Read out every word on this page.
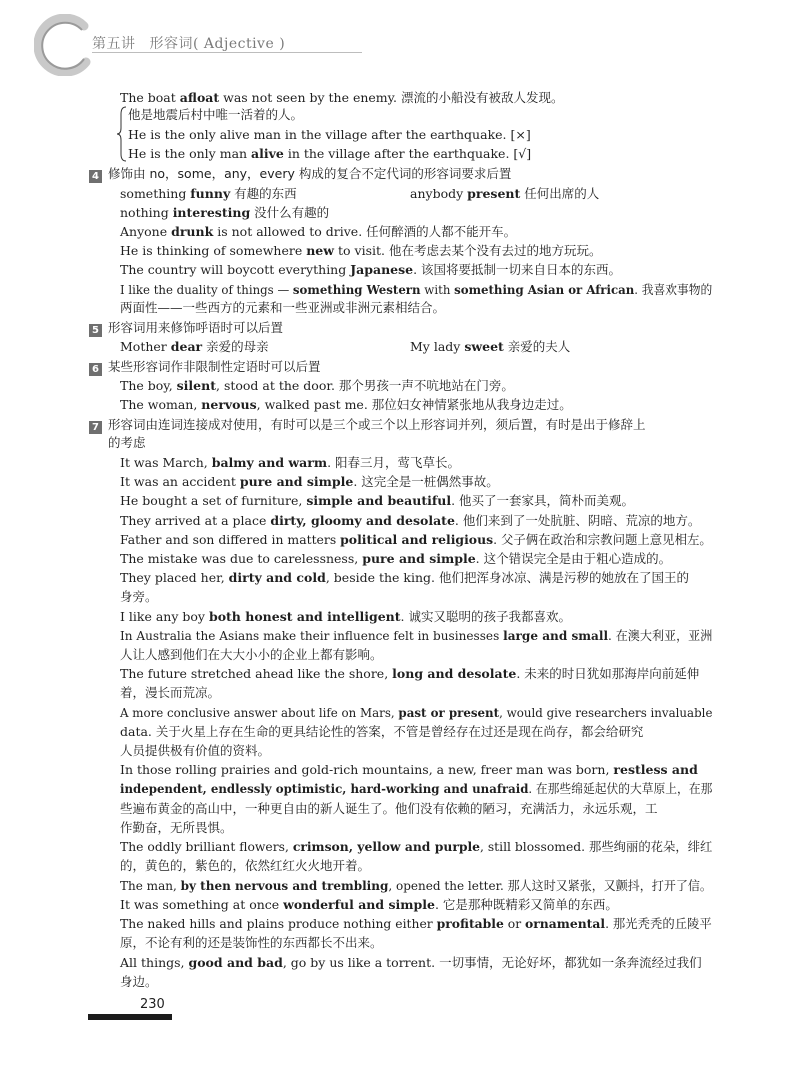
第五讲 形容词( Adjective )
The boat afloat was not seen by the enemy. 漂流的小船没有被敌人发现。
他是地震后村中唯一活着的人。
He is the only alive man in the village after the earthquake. [×]
He is the only man alive in the village after the earthquake. [√]
4 修饰由 no，some，any，every 构成的复合不定代词的形容词要求后置
something funny 有趣的东西	anybody present 任何出席的人
nothing interesting 没什么有趣的
Anyone drunk is not allowed to drive. 任何醉酒的人都不能开车。
He is thinking of somewhere new to visit. 他在考虑去某个没有去过的地方玩玩。
The country will boycott everything Japanese. 该国将要抵制一切来自日本的东西。
I like the duality of things — something Western with something Asian or African. 我喜欢事物的
两面性——一些西方的元素和一些亚洲或非洲元素相结合。
5 形容词用来修饰呼语时可以后置
Mother dear 亲爱的母亲	My lady sweet 亲爱的夫人
6 某些形容词作非限制性定语时可以后置
The boy, silent, stood at the door. 那个男孩一声不吭地站在门旁。
The woman, nervous, walked past me. 那位妇女神情紧张地从我身边走过。
7 形容词由连词连接成对使用，有时可以是三个或三个以上形容词并列，须后置，有时是出于修辞上
的考虑
It was March, balmy and warm. 阳春三月，莺飞草长。
It was an accident pure and simple. 这完全是一桩偶然事故。
He bought a set of furniture, simple and beautiful. 他买了一套家具，简朴而美观。
They arrived at a place dirty, gloomy and desolate. 他们来到了一处肮脏、阴暗、荒凉的地方。
Father and son differed in matters political and religious. 父子俩在政治和宗教问题上意见相左。
The mistake was due to carelessness, pure and simple. 这个错误完全是由于粗心造成的。
They placed her, dirty and cold, beside the king. 他们把浑身冰凉、满是污秽的她放在了国王的
身旁。
I like any boy both honest and intelligent. 诚实又聪明的孩子我都喜欢。
In Australia the Asians make their influence felt in businesses large and small. 在澳大利亚，亚洲
人让人感到他们在大大小小的企业上都有影响。
The future stretched ahead like the shore, long and desolate. 未来的时日犹如那海岸向前延伸
着，漫长而荒凉。
A more conclusive answer about life on Mars, past or present, would give researchers invaluable
data. 关于火星上存在生命的更具结论性的答案，不管是曾经存在过还是现在尚存，都会给研究
人员提供极有价值的资料。
In those rolling prairies and gold-rich mountains, a new, freer man was born, restless and
independent, endlessly optimistic, hard-working and unafraid. 在那些绵延起伏的大草原上，在那
些遍布黄金的高山中，一种更自由的新人诞生了。他们没有依赖的陋习，充满活力，永远乐观，工
作勤奋，无所畏惧。
The oddly brilliant flowers, crimson, yellow and purple, still blossomed. 那些绚丽的花朵，绯红
的，黄色的，紫色的，依然红红火火地开着。
The man, by then nervous and trembling, opened the letter. 那人这时又紧张，又颤抖，打开了信。
It was something at once wonderful and simple. 它是那种既精彩又简单的东西。
The naked hills and plains produce nothing either profitable or ornamental. 那光秃秃的丘陵平
原，不论有利的还是装饰性的东西都长不出来。
All things, good and bad, go by us like a torrent. 一切事情，无论好坏，都犹如一条奔流经过我们
身边。
230
